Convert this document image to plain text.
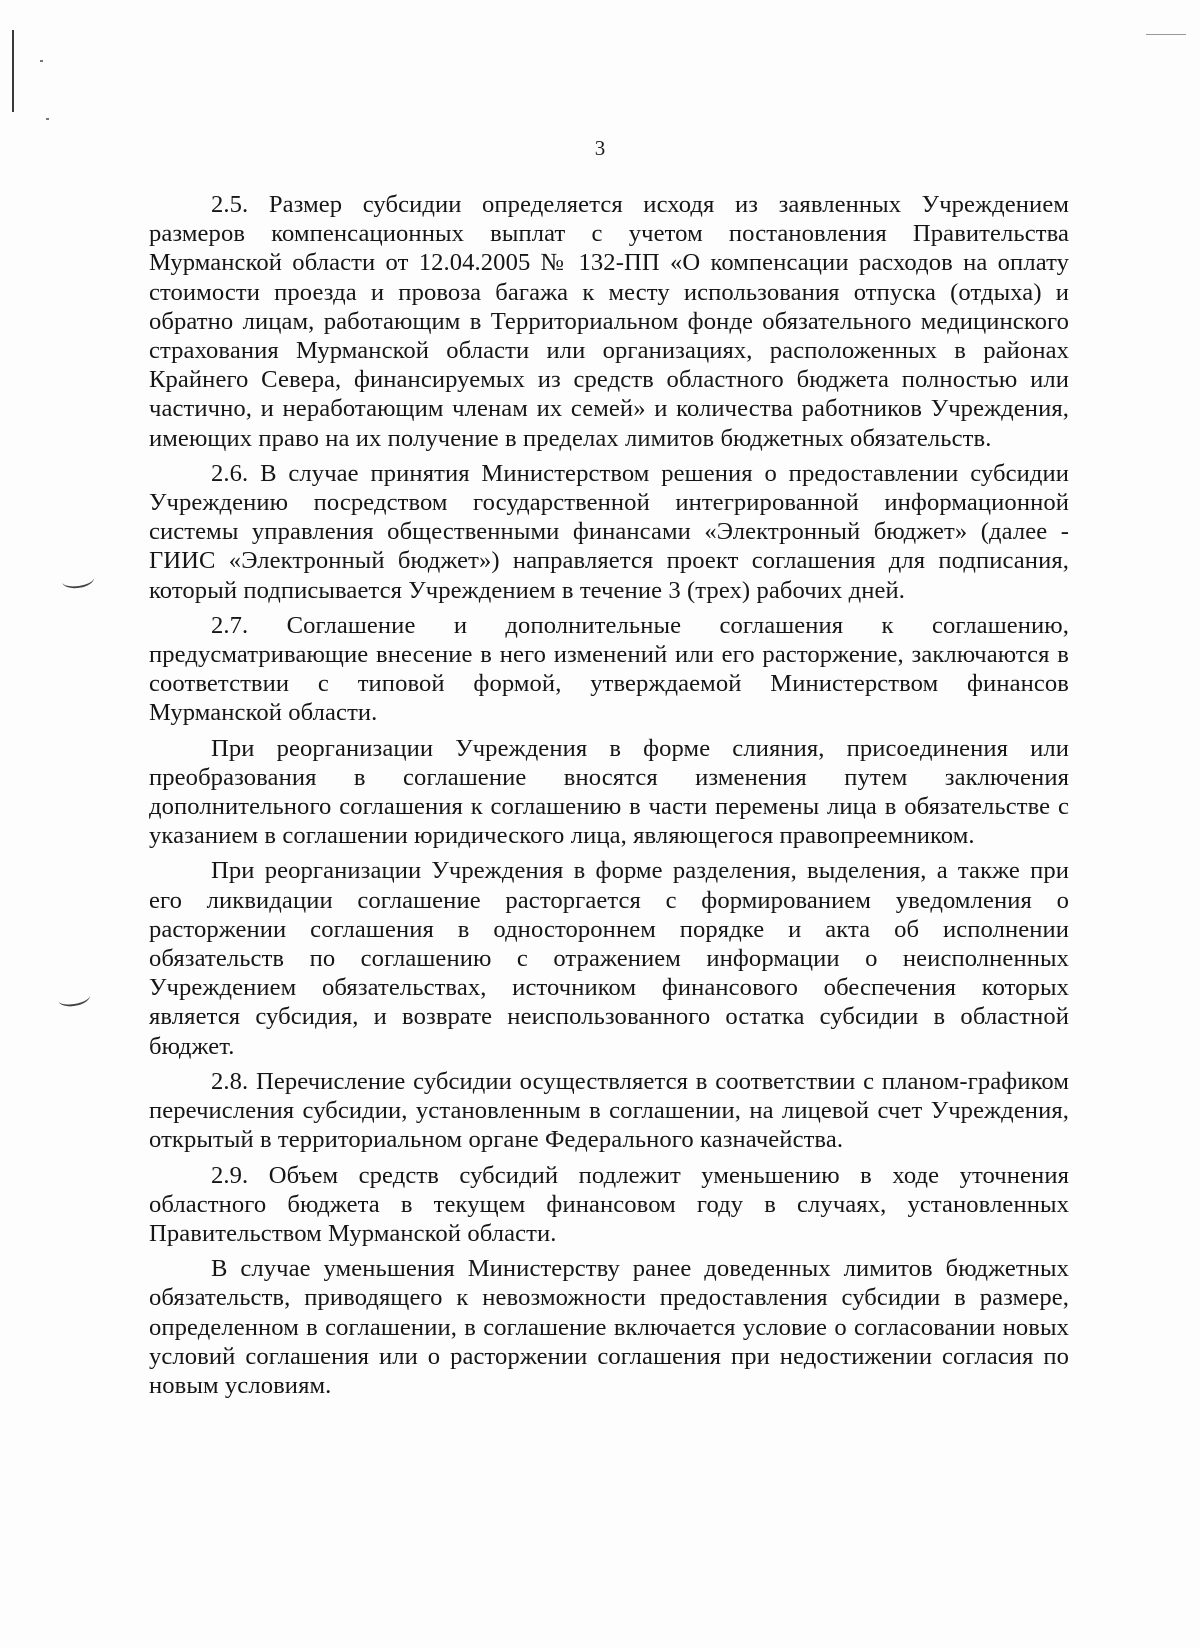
3

2.5. Размер субсидии определяется исходя из заявленных Учреждением размеров компенсационных выплат с учетом постановления Правительства Мурманской области от 12.04.2005 № 132-ПП «О компенсации расходов на оплату стоимости проезда и провоза багажа к месту использования отпуска (отдыха) и обратно лицам, работающим в Территориальном фонде обязательного медицинского страхования Мурманской области или организациях, расположенных в районах Крайнего Севера, финансируемых из средств областного бюджета полностью или частично, и неработающим членам их семей» и количества работников Учреждения, имеющих право на их получение в пределах лимитов бюджетных обязательств.

2.6. В случае принятия Министерством решения о предоставлении субсидии Учреждению посредством государственной интегрированной информационной системы управления общественными финансами «Электронный бюджет» (далее - ГИИС «Электронный бюджет») направляется проект соглашения для подписания, который подписывается Учреждением в течение 3 (трех) рабочих дней.

2.7. Соглашение и дополнительные соглашения к соглашению, предусматривающие внесение в него изменений или его расторжение, заключаются в соответствии с типовой формой, утверждаемой Министерством финансов Мурманской области.

При реорганизации Учреждения в форме слияния, присоединения или преобразования в соглашение вносятся изменения путем заключения дополнительного соглашения к соглашению в части перемены лица в обязательстве с указанием в соглашении юридического лица, являющегося правопреемником.

При реорганизации Учреждения в форме разделения, выделения, а также при его ликвидации соглашение расторгается с формированием уведомления о расторжении соглашения в одностороннем порядке и акта об исполнении обязательств по соглашению с отражением информации о неисполненных Учреждением обязательствах, источником финансового обеспечения которых является субсидия, и возврате неиспользованного остатка субсидии в областной бюджет.

2.8. Перечисление субсидии осуществляется в соответствии с планом-графиком перечисления субсидии, установленным в соглашении, на лицевой счет Учреждения, открытый в территориальном органе Федерального казначейства.

2.9. Объем средств субсидий подлежит уменьшению в ходе уточнения областного бюджета в текущем финансовом году в случаях, установленных Правительством Мурманской области.

В случае уменьшения Министерству ранее доведенных лимитов бюджетных обязательств, приводящего к невозможности предоставления субсидии в размере, определенном в соглашении, в соглашение включается условие о согласовании новых условий соглашения или о расторжении соглашения при недостижении согласия по новым условиям.
